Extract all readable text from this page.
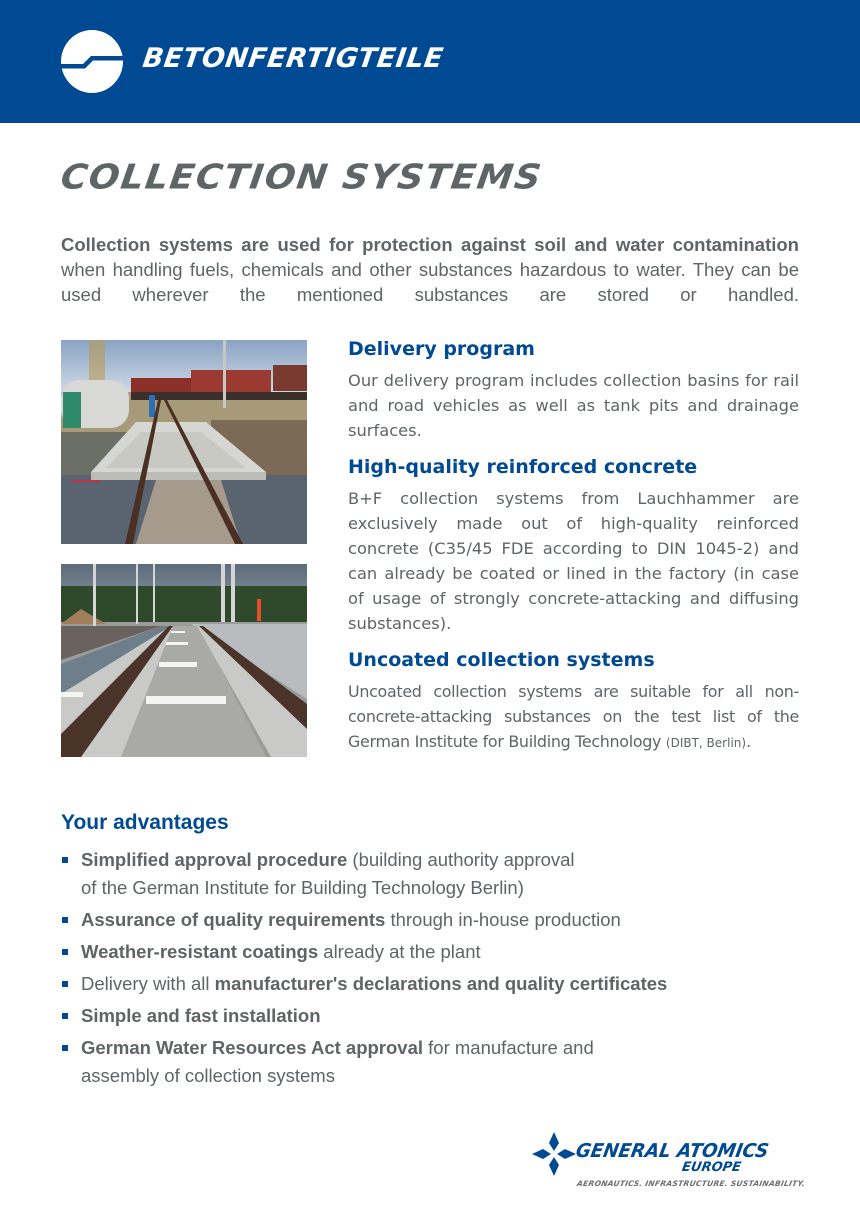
BETONFERTIGTEILE
COLLECTION SYSTEMS

Collection systems are used for protection against soil and water contamination when handling fuels, chemicals and other substances hazardous to water. They can be used wherever the mentioned substances are stored or handled.

Delivery program

Our delivery program includes collection basins for rail and road vehicles as well as tank pits and drainage surfaces.

High-quality reinforced concrete

B+F collection systems from Lauchhammer are exclusively made out of high-quality reinforced concrete (C35/45 FDE according to DIN 1045-2) and can already be coated or lined in the factory (in case of usage of strongly concrete-attacking and diffusing substances).

Uncoated collection systems

Uncoated collection systems are suitable for all non-concrete-attacking substances on the test list of the German Institute for Building Technology (DIBT, Berlin).

Your advantages
Simplified approval procedure (building authority approval
of the German Institute for Building Technology Berlin)
Assurance of quality requirements through in-house production
Weather-resistant coatings already at the plant
Delivery with all manufacturer's declarations and quality certificates
Simple and fast installation
German Water Resources Act approval for manufacture and
assembly of collection systems
GENERAL ATOMICS
EUROPE
AERONAUTICS. INFRASTRUCTURE. SUSTAINABILITY.
